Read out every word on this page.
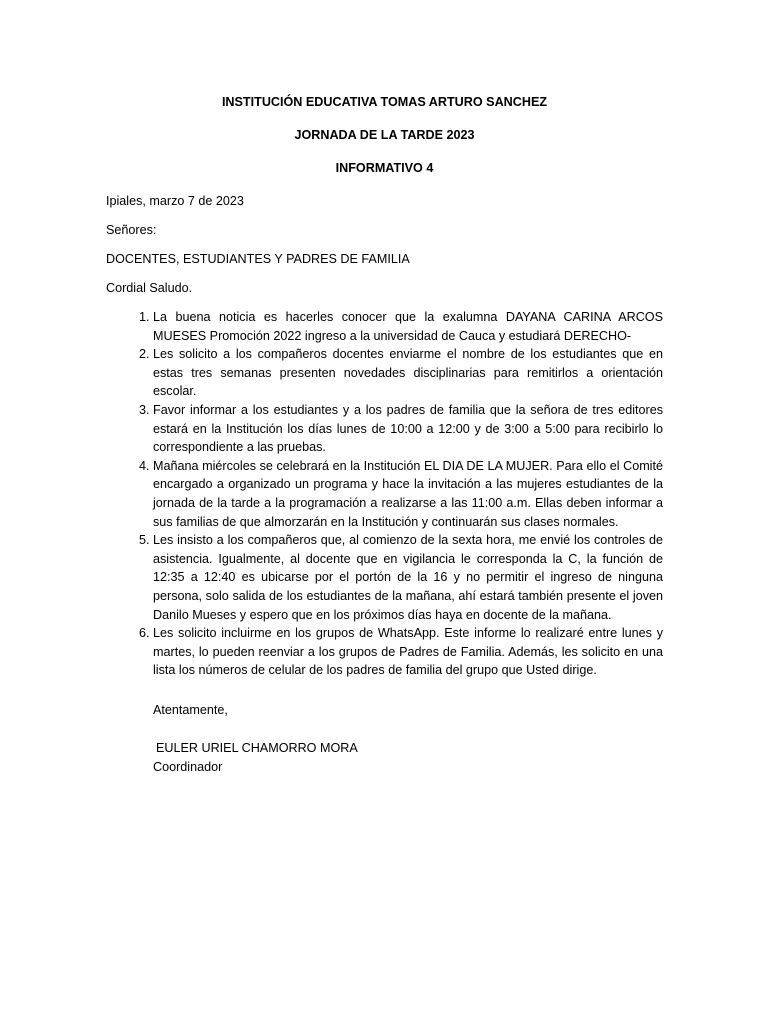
INSTITUCIÓN EDUCATIVA TOMAS ARTURO SANCHEZ

JORNADA DE LA TARDE 2023

INFORMATIVO 4

Ipiales, marzo 7 de 2023

Señores:

DOCENTES, ESTUDIANTES Y PADRES DE FAMILIA

Cordial Saludo.

1. La buena noticia es hacerles conocer que la exalumna DAYANA CARINA ARCOS MUESES Promoción 2022 ingreso a la universidad de Cauca y estudiará DERECHO-
2. Les solicito a los compañeros docentes enviarme el nombre de los estudiantes que en estas tres semanas presenten novedades disciplinarias para remitirlos a orientación escolar.
3. Favor informar a los estudiantes y a los padres de familia que la señora de tres editores estará en la Institución los días lunes de 10:00 a 12:00 y de 3:00 a 5:00 para recibirlo lo correspondiente a las pruebas.
4. Mañana miércoles se celebrará en la Institución EL DIA DE LA MUJER. Para ello el Comité encargado a organizado un programa y hace la invitación a las mujeres estudiantes de la jornada de la tarde a la programación a realizarse a las 11:00 a.m. Ellas deben informar a sus familias de que almorzarán en la Institución y continuarán sus clases normales.
5. Les insisto a los compañeros que, al comienzo de la sexta hora, me envié los controles de asistencia. Igualmente, al docente que en vigilancia le corresponda la C, la función de 12:35 a 12:40 es ubicarse por el portón de la 16 y no permitir el ingreso de ninguna persona, solo salida de los estudiantes de la mañana, ahí estará también presente el joven Danilo Mueses y espero que en los próximos días haya en docente de la mañana.
6. Les solicito incluirme en los grupos de WhatsApp. Este informe lo realizaré entre lunes y martes, lo pueden reenviar a los grupos de Padres de Familia. Además, les solicito en una lista los números de celular de los padres de familia del grupo que Usted dirige.
Atentamente,
EULER URIEL CHAMORRO MORA
Coordinador
